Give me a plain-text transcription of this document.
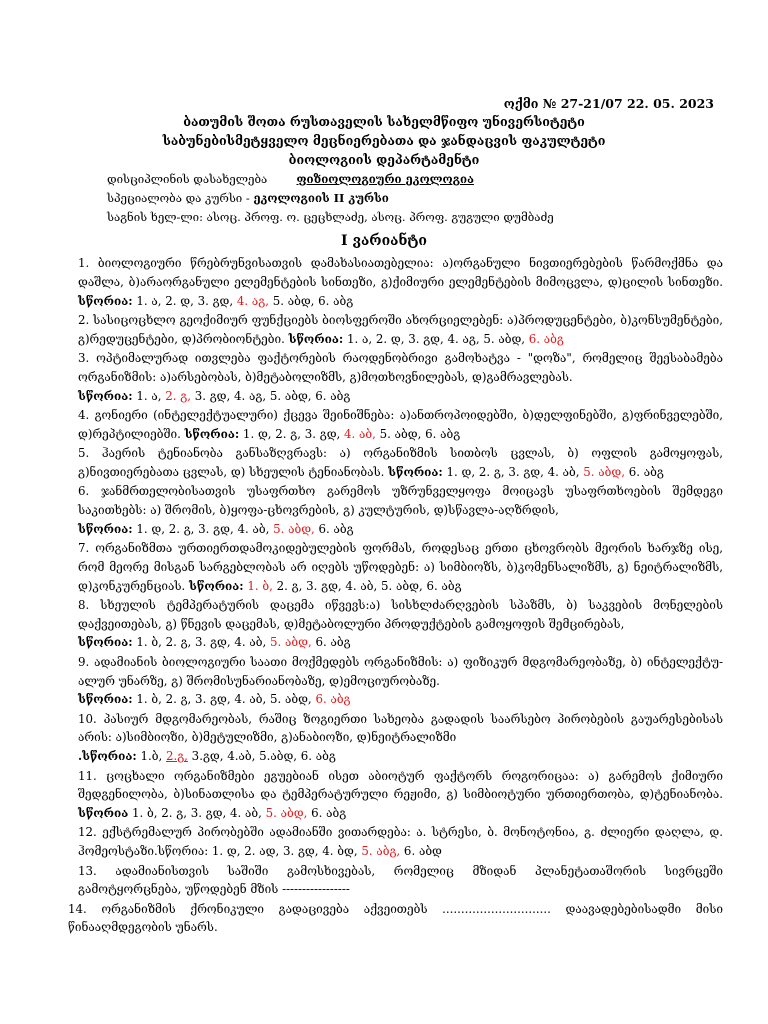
ოქმი № 27-21/07 22. 05. 2023
ბათუმის შოთა რუსთაველის სახელმწიფო უნივერსიტეტი
საბუნებისმეტყველო მეცნიერებათა და ჯანდაცვის ფაკულტეტი
ბიოლოგიის დეპარტამენტი
დისციპლინის დასახელება	ფიზიოლოგიური ეკოლოგია
სპეციალობა და კურსი - ეკოლოგიის II კურსი
საგნის ხელ-ლი: ასოც. პროფ. ო. ცეცხლაძე, ასოც. პროფ. გუგული დუმბაძე
I ვარიანტი
1. ბიოლოგიური წრებრუნვისათვის დამახასიათებელია: ა)ორგანული ნივთიერებების წარმოქმნა და დაშლა, ბ)არაორგანული ელემენტების სინთეზი, გ)ქიმიური ელემენტების მიმოცვლა, დ)ცილის სინთეზი. სწორია: 1. ა, 2. დ, 3. გდ, 4. აგ, 5. აბდ, 6. აბგ
2. სასიცოცხლო გეოქიმიურ ფუნქციებს ბიოსფეროში ახორციელებენ: ა)პროდუცენტები, ბ)კონსუმენტები, გ)რედუცენტები, დ)პრობიონტები. სწორია: 1. ა, 2. დ, 3. გდ, 4. აგ, 5. აბდ, 6. აბგ
3. ოპტიმალურად ითვლება ფაქტორების რაოდენობრივი გამოხატვა - "დოზა", რომელიც შეესაბამება ორგანიზმის: ა)არსებობას, ბ)მეტაბოლიზმს, გ)მოთხოვნილებას, დ)გამრავლებას.
სწორია: 1. ა, 2. გ, 3. გდ, 4. აგ, 5. აბდ, 6. აბგ
4. გონიერი (ინტელექტუალური) ქცევა შეინიშნება: ა)ანთროპოიდებში, ბ)დელფინებში, გ)ფრინველებში, დ)რეპტილიებში. სწორია: 1. დ, 2. გ, 3. გდ, 4. აბ, 5. აბდ, 6. აბგ
5. ჰაერის ტენიანობა განსაზღვრავს: ა) ორგანიზმის სითბოს ცვლას, ბ) ოფლის გამოყოფას, გ)ნივთიერებათა ცვლას, დ) სხეულის ტენიანობას. სწორია: 1. დ, 2. გ, 3. გდ, 4. აბ, 5. აბდ, 6. აბგ
6. ჯანმრთელობისათვის უსაფრთხო გარემოს უზრუნველყოფა მოიცავს უსაფრთხოების შემდეგი საკითხებს: ა) შრომის, ბ)ყოფა-ცხოვრების, გ) კულტურის, დ)სწავლა-აღზრდის,
სწორია: 1. დ, 2. გ, 3. გდ, 4. აბ, 5. აბდ, 6. აბგ
7. ორგანიზმთა ურთიერთდამოკიდებულების ფორმას, როდესაც ერთი ცხოვრობს მეორის ხარჯზე ისე, რომ მეორე მისგან სარგებლობას არ იღებს უწოდებენ: ა) სიმბიოზს, ბ)კომენსალიზმს, გ) ნეიტრალიზმს, დ)კონკურენციას. სწორია: 1. ბ, 2. გ, 3. გდ, 4. აბ, 5. აბდ, 6. აბგ
8. სხეულის ტემპერატურის დაცემა იწვევს:ა) სისხლძარღვების სპაზმს, ბ) საკვების მონელების დაქვეითებას, გ) წნევის დაცემას, დ)მეტაბოლური პროდუქტების გამოყოფის შემცირებას,
სწორია: 1. ბ, 2. გ, 3. გდ, 4. აბ, 5. აბდ, 6. აბგ
9. ადამიანის ბიოლოგიური საათი მოქმედებს ორგანიზმის: ა) ფიზიკურ მდგომარეობაზე, ბ) ინტელექტუ-ალურ უნარზე, გ) შრომისუნარიანობაზე, დ)ემოციურობაზე.
სწორია: 1. ბ, 2. გ, 3. გდ, 4. აბ, 5. აბდ, 6. აბგ
10. პასიურ მდგომარეობას, რაშიც ზოგიერთი სახეობა გადადის საარსებო პირობების გაუარესებისას არის: ა)სიმბიოზი, ბ)მეტულიზმი, გ)ანაბიოზი, დ)ნეიტრალიზმი
.სწორია: 1.ბ, 2.გ, 3.გდ, 4.აბ, 5.აბდ, 6. აბგ
11. ცოცხალი ორგანიზმები ეგუებიან ისეთ აბიოტურ ფაქტორს როგორიცაა: ა) გარემოს ქიმიური შედგენილობა, ბ)სინათლისა და ტემპერატურული რეჟიმი, გ) სიმბიოტური ურთიერთობა, დ)ტენიანობა. სწორია 1. ბ, 2. გ, 3. გდ, 4. აბ, 5. აბდ, 6. აბგ
12. ექსტრემალურ პირობებში ადამიანში ვითარდება: ა. სტრესი, ბ. მონოტონია, გ. ძლიერი დაღლა, დ. ჰომეოსტაზი.სწორია: 1. დ, 2. ად, 3. გდ, 4. ბდ, 5. აბგ, 6. აბდ
13. ადამიანისთვის საშიში გამოსხივებას, რომელიც მზიდან პლანეტათაშორის სივრცეში გამოტყორცნება, უწოდებენ მზის -----------------
14. ორგანიზმის ქრონიკული გადაცივება აქვეითებს ............................. დაავადებებისადმი მისი წინააღმდეგობის უნარს.
